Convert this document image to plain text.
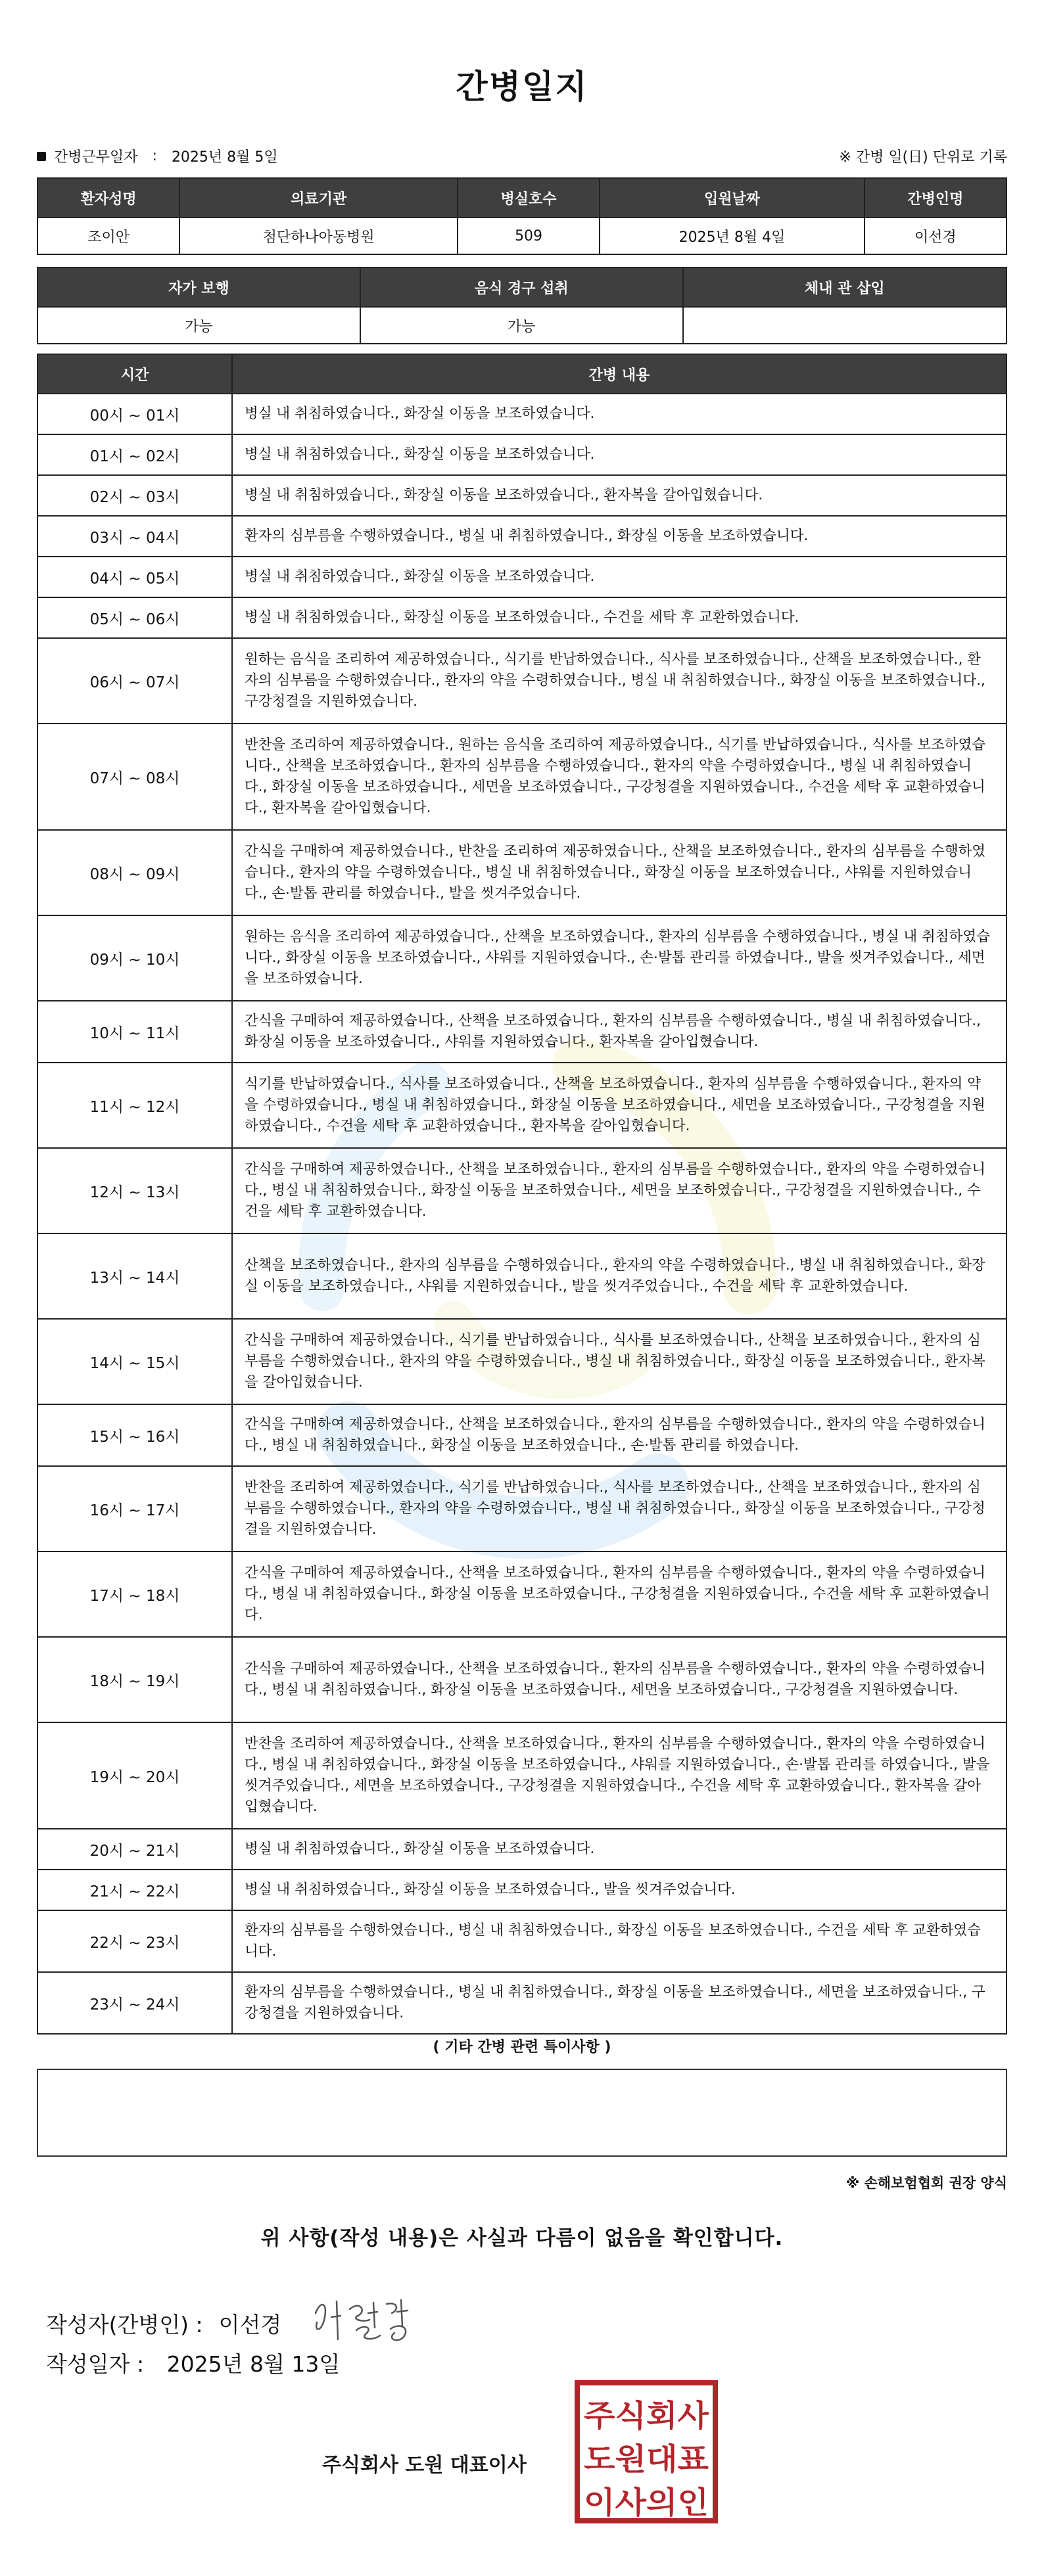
간병일지
간병근무일자 : 2025년 8월 5일	※ 간병 일(日) 단위로 기록
환자성명	의료기관	병실호수	입원날짜	간병인명
조이안	첨단하나아동병원	509	2025년 8월 4일	이선경
자가 보행	음식 경구 섭취	체내 관 삽입
가능	가능	
시간	간병 내용
00시 ~ 01시	병실 내 취침하였습니다., 화장실 이동을 보조하였습니다.
01시 ~ 02시	병실 내 취침하였습니다., 화장실 이동을 보조하였습니다.
02시 ~ 03시	병실 내 취침하였습니다., 화장실 이동을 보조하였습니다., 환자복을 갈아입혔습니다.
03시 ~ 04시	환자의 심부름을 수행하였습니다., 병실 내 취침하였습니다., 화장실 이동을 보조하였습니다.
04시 ~ 05시	병실 내 취침하였습니다., 화장실 이동을 보조하였습니다.
05시 ~ 06시	병실 내 취침하였습니다., 화장실 이동을 보조하였습니다., 수건을 세탁 후 교환하였습니다.
06시 ~ 07시	원하는 음식을 조리하여 제공하였습니다., 식기를 반납하였습니다., 식사를 보조하였습니다., 산책을 보조하였습니다., 환자의 심부름을 수행하였습니다., 환자의 약을 수령하였습니다., 병실 내 취침하였습니다., 화장실 이동을 보조하였습니다., 구강청결을 지원하였습니다.
07시 ~ 08시	반찬을 조리하여 제공하였습니다., 원하는 음식을 조리하여 제공하였습니다., 식기를 반납하였습니다., 식사를 보조하였습니다., 산책을 보조하였습니다., 환자의 심부름을 수행하였습니다., 환자의 약을 수령하였습니다., 병실 내 취침하였습니다., 화장실 이동을 보조하였습니다., 세면을 보조하였습니다., 구강청결을 지원하였습니다., 수건을 세탁 후 교환하였습니다., 환자복을 갈아입혔습니다.
08시 ~ 09시	간식을 구매하여 제공하였습니다., 반찬을 조리하여 제공하였습니다., 산책을 보조하였습니다., 환자의 심부름을 수행하였습니다., 환자의 약을 수령하였습니다., 병실 내 취침하였습니다., 화장실 이동을 보조하였습니다., 샤워를 지원하였습니다., 손·발톱 관리를 하였습니다., 발을 씻겨주었습니다.
09시 ~ 10시	원하는 음식을 조리하여 제공하였습니다., 산책을 보조하였습니다., 환자의 심부름을 수행하였습니다., 병실 내 취침하였습니다., 화장실 이동을 보조하였습니다., 샤워를 지원하였습니다., 손·발톱 관리를 하였습니다., 발을 씻겨주었습니다., 세면을 보조하였습니다.
10시 ~ 11시	간식을 구매하여 제공하였습니다., 산책을 보조하였습니다., 환자의 심부름을 수행하였습니다., 병실 내 취침하였습니다., 화장실 이동을 보조하였습니다., 샤워를 지원하였습니다., 환자복을 갈아입혔습니다.
11시 ~ 12시	식기를 반납하였습니다., 식사를 보조하였습니다., 산책을 보조하였습니다., 환자의 심부름을 수행하였습니다., 환자의 약을 수령하였습니다., 병실 내 취침하였습니다., 화장실 이동을 보조하였습니다., 세면을 보조하였습니다., 구강청결을 지원하였습니다., 수건을 세탁 후 교환하였습니다., 환자복을 갈아입혔습니다.
12시 ~ 13시	간식을 구매하여 제공하였습니다., 산책을 보조하였습니다., 환자의 심부름을 수행하였습니다., 환자의 약을 수령하였습니다., 병실 내 취침하였습니다., 화장실 이동을 보조하였습니다., 세면을 보조하였습니다., 구강청결을 지원하였습니다., 수건을 세탁 후 교환하였습니다.
13시 ~ 14시	산책을 보조하였습니다., 환자의 심부름을 수행하였습니다., 환자의 약을 수령하였습니다., 병실 내 취침하였습니다., 화장실 이동을 보조하였습니다., 샤워를 지원하였습니다., 발을 씻겨주었습니다., 수건을 세탁 후 교환하였습니다.
14시 ~ 15시	간식을 구매하여 제공하였습니다., 식기를 반납하였습니다., 식사를 보조하였습니다., 산책을 보조하였습니다., 환자의 심부름을 수행하였습니다., 환자의 약을 수령하였습니다., 병실 내 취침하였습니다., 화장실 이동을 보조하였습니다., 환자복을 갈아입혔습니다.
15시 ~ 16시	간식을 구매하여 제공하였습니다., 산책을 보조하였습니다., 환자의 심부름을 수행하였습니다., 환자의 약을 수령하였습니다., 병실 내 취침하였습니다., 화장실 이동을 보조하였습니다., 손·발톱 관리를 하였습니다.
16시 ~ 17시	반찬을 조리하여 제공하였습니다., 식기를 반납하였습니다., 식사를 보조하였습니다., 산책을 보조하였습니다., 환자의 심부름을 수행하였습니다., 환자의 약을 수령하였습니다., 병실 내 취침하였습니다., 화장실 이동을 보조하였습니다., 구강청결을 지원하였습니다.
17시 ~ 18시	간식을 구매하여 제공하였습니다., 산책을 보조하였습니다., 환자의 심부름을 수행하였습니다., 환자의 약을 수령하였습니다., 병실 내 취침하였습니다., 화장실 이동을 보조하였습니다., 구강청결을 지원하였습니다., 수건을 세탁 후 교환하였습니다.
18시 ~ 19시	간식을 구매하여 제공하였습니다., 산책을 보조하였습니다., 환자의 심부름을 수행하였습니다., 환자의 약을 수령하였습니다., 병실 내 취침하였습니다., 화장실 이동을 보조하였습니다., 세면을 보조하였습니다., 구강청결을 지원하였습니다.
19시 ~ 20시	반찬을 조리하여 제공하였습니다., 산책을 보조하였습니다., 환자의 심부름을 수행하였습니다., 환자의 약을 수령하였습니다., 병실 내 취침하였습니다., 화장실 이동을 보조하였습니다., 샤워를 지원하였습니다., 손·발톱 관리를 하였습니다., 발을 씻겨주었습니다., 세면을 보조하였습니다., 구강청결을 지원하였습니다., 수건을 세탁 후 교환하였습니다., 환자복을 갈아입혔습니다.
20시 ~ 21시	병실 내 취침하였습니다., 화장실 이동을 보조하였습니다.
21시 ~ 22시	병실 내 취침하였습니다., 화장실 이동을 보조하였습니다., 발을 씻겨주었습니다.
22시 ~ 23시	환자의 심부름을 수행하였습니다., 병실 내 취침하였습니다., 화장실 이동을 보조하였습니다., 수건을 세탁 후 교환하였습니다.
23시 ~ 24시	환자의 심부름을 수행하였습니다., 병실 내 취침하였습니다., 화장실 이동을 보조하였습니다., 세면을 보조하였습니다., 구강청결을 지원하였습니다.
( 기타 간병 관련 특이사항 )
※ 손해보험협회 권장 양식
위 사항(작성 내용)은 사실과 다름이 없음을 확인합니다.
작성자(간병인) : 이선경
작성일자 : 2025년 8월 13일
주식회사 도원 대표이사
주식회사
도원대표
이사의인
